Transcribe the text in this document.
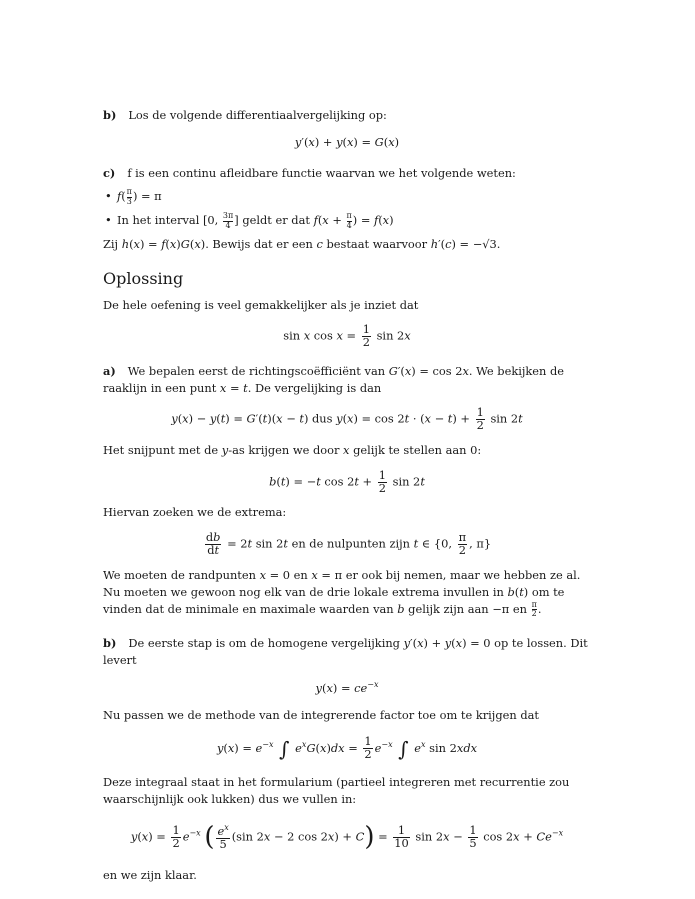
b) Los de volgende differentiaalvergelijking op:

y′(x) + y(x) = G(x)

c) f is een continu afleidbare functie waarvan we het volgende weten:

• $f( \frac{\pi}{3}$ ) = π
• In het interval [0, $\frac{3\pi}{4}$ ] geldt er dat $f(x + \frac{\pi}{4}$ ) = f(x)

Zij h(x) = f(x)G(x). Bewijs dat er een c bestaat waarvoor h′(c) = −√3.

Oplossing

De hele oefening is veel gemakkelijker als je inziet dat

sin x $\cos x = \frac{1}{2}$ sin 2x

a) We bepalen eerst de richtingscoëfficiënt van G′(x) = cos 2x. We bekijken de raaklijn in een punt x = t. De vergelijking is dan

y(x) − y(t) = G′(t)(x − t) dus $y(x) = \cos 2t \cdot (x - t) + \frac{1}{2}$ sin 2t

Het snijpunt met de y-as krijgen we door x gelijk te stellen aan 0:

b(t) = −t $\cos 2t + \frac{1}{2}$ sin 2t

Hiervan zoeken we de extrema:

$\frac{db}{dt} = 2t$ sin 2t en de nulpunten zijn t ∈ {0, $\frac{\pi}{2}$ , π}

We moeten de randpunten x = 0 en x = π er ook bij nemen, maar we hebben ze al. Nu moeten we gewoon nog elk van de drie lokale extrema invullen in b(t) om te vinden dat de minimale en maximale waarden van b gelijk zijn aan −π en $\frac{\pi}{2}$ .

b) De eerste stap is om de homogene vergelijking y′(x) + y(x) = 0 op te lossen. Dit levert

$y(x) = ce^{-x}$

Nu passen we de methode van de integrerende factor toe om te krijgen dat

$y(x) = e^{-x}$ ∫ $e^xG(x)dx = \frac{1}{2} e^{-x}$ ∫ $e^x$ sin 2xdx

Deze integraal staat in het formularium (partieel integreren met recurrentie zou waarschijnlijk ook lukken) dus we vullen in:

$y(x) = \frac{1}{2} e^{-x}$ ( $\frac{e^x}{5} (\sin$ 2x − 2 $\cos 2x) + C) = \frac{1}{10}$ $\sin 2x - \frac{1}{5}$ $\cos 2x + Ce^{-x}$

en we zijn klaar.
